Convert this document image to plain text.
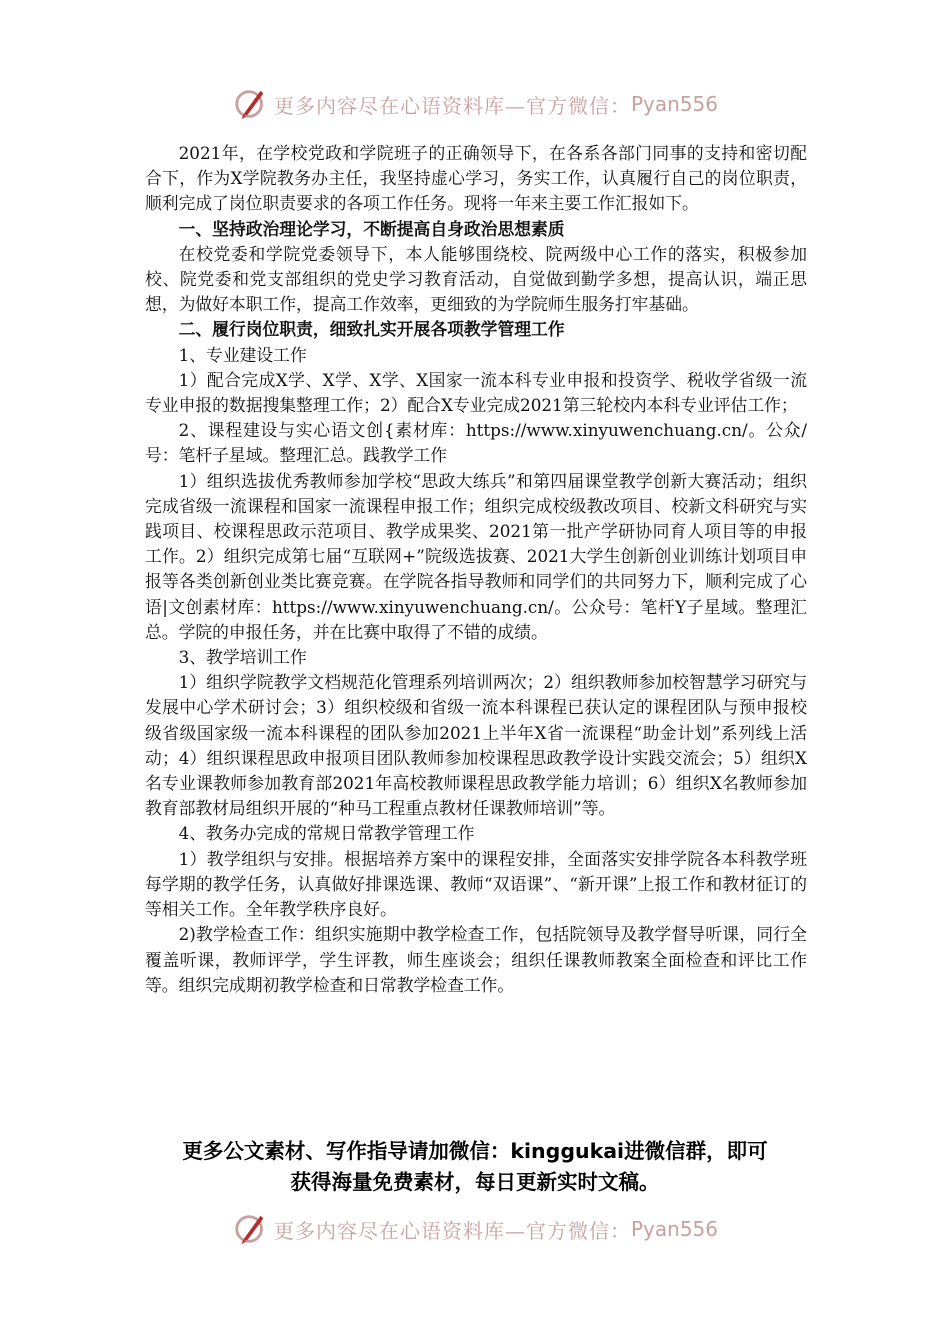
更多内容尽在心语资料库—官方微信： Pyan556

2021年，在学校党政和学院班子的正确领导下，在各系各部门同事的支持和密切配合下，作为X学院教务办主任，我坚持虚心学习，务实工作，认真履行自己的岗位职责，顺利完成了岗位职责要求的各项工作任务。现将一年来主要工作汇报如下。

一、坚持政治理论学习，不断提高自身政治思想素质

在校党委和学院党委领导下，本人能够围绕校、院两级中心工作的落实，积极参加校、院党委和党支部组织的党史学习教育活动，自觉做到勤学多想，提高认识，端正思想，为做好本职工作，提高工作效率，更细致的为学院师生服务打牢基础。

二、履行岗位职责，细致扎实开展各项教学管理工作

1、专业建设工作

1）配合完成X学、X学、X学、X国家一流本科专业申报和投资学、税收学省级一流专业申报的数据搜集整理工作；2）配合X专业完成2021第三轮校内本科专业评估工作；

2、课程建设与实心语文创{素材库：https://www.xinyuwenchuang.cn/。公众/号：笔杆子星域。整理汇总。践教学工作

1）组织选拔优秀教师参加学校“思政大练兵”和第四届课堂教学创新大赛活动；组织完成省级一流课程和国家一流课程申报工作；组织完成校级教改项目、校新文科研究与实践项目、校课程思政示范项目、教学成果奖、2021第一批产学研协同育人项目等的申报工作。2）组织完成第七届“互联网+”院级选拔赛、2021大学生创新创业训练计划项目申报等各类创新创业类比赛竞赛。在学院各指导教师和同学们的共同努力下，顺利完成了心语|文创素材库：https://www.xinyuwenchuang.cn/。公众号：笔杆Y子星域。整理汇总。学院的申报任务，并在比赛中取得了不错的成绩。

3、教学培训工作

1）组织学院教学文档规范化管理系列培训两次；2）组织教师参加校智慧学习研究与发展中心学术研讨会；3）组织校级和省级一流本科课程已获认定的课程团队与预申报校级省级国家级一流本科课程的团队参加2021上半年X省一流课程“助金计划”系列线上活动；4）组织课程思政申报项目团队教师参加校课程思政教学设计实践交流会；5）组织X名专业课教师参加教育部2021年高校教师课程思政教学能力培训；6）组织X名教师参加教育部教材局组织开展的“种马工程重点教材任课教师培训”等。

4、教务办完成的常规日常教学管理工作

1）教学组织与安排。根据培养方案中的课程安排，全面落实安排学院各本科教学班每学期的教学任务，认真做好排课选课、教师“双语课”、“新开课”上报工作和教材征订的等相关工作。全年教学秩序良好。

2)教学检查工作：组织实施期中教学检查工作，包括院领导及教学督导听课，同行全覆盖听课，教师评学，学生评教，师生座谈会；组织任课教师教案全面检查和评比工作等。组织完成期初教学检查和日常教学检查工作。

更多公文素材、写作指导请加微信：kinggukai进微信群，即可
获得海量免费素材，每日更新实时文稿。
更多内容尽在心语资料库—官方微信： Pyan556
